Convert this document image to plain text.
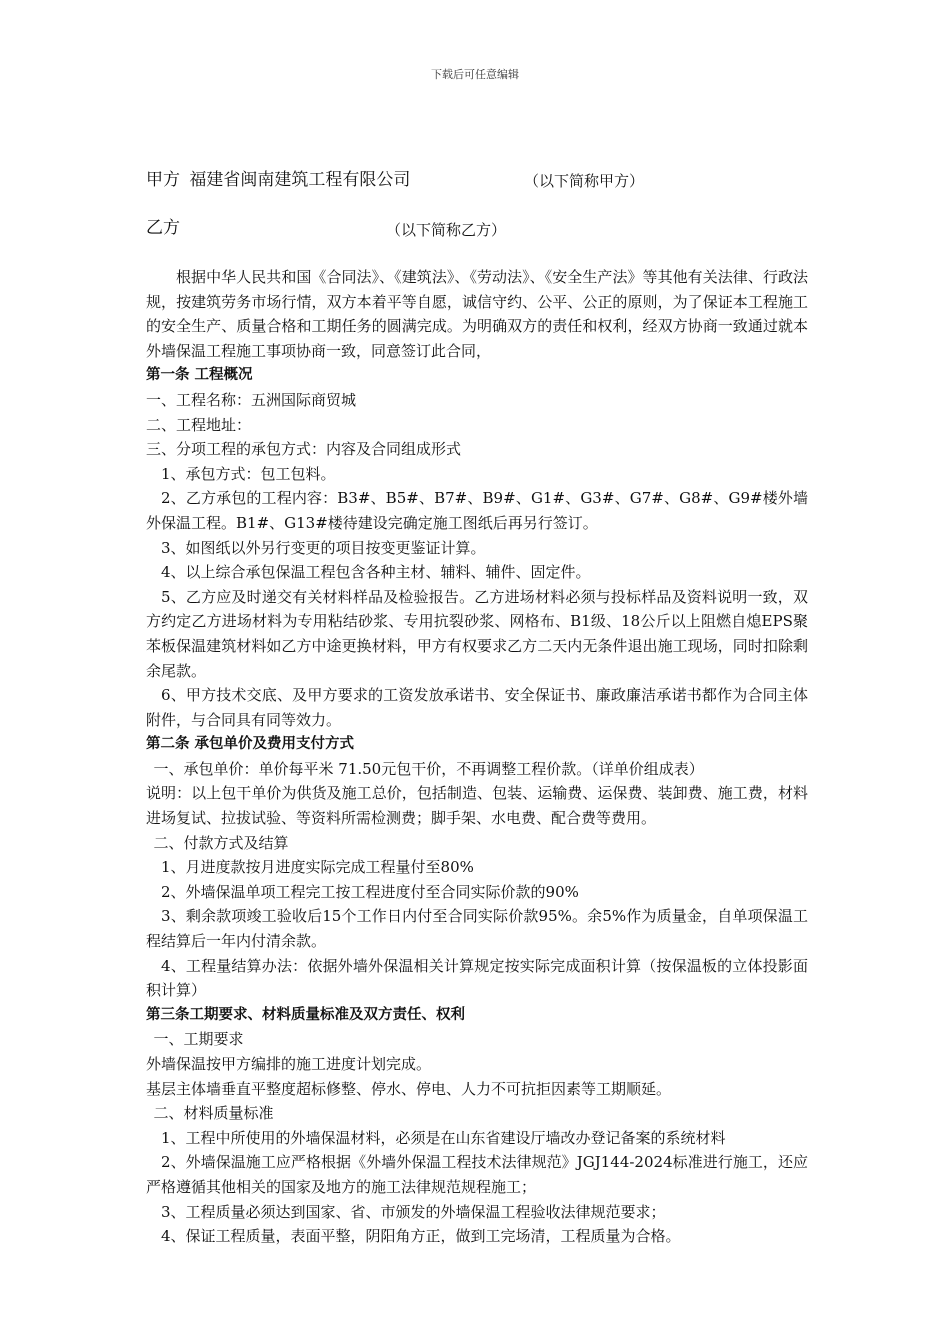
下载后可任意编辑
甲方 福建省闽南建筑工程有限公司	（以下简称甲方）
乙方	（以下简称乙方）

根据中华人民共和国《合同法》、《建筑法》、《劳动法》、《安全生产法》等其他有关法律、行政法规，按建筑劳务市场行情，双方本着平等自愿，诚信守约、公平、公正的原则，为了保证本工程施工的安全生产、质量合格和工期任务的圆满完成。为明确双方的责任和权利，经双方协商一致通过就本外墙保温工程施工事项协商一致，同意签订此合同，

第一条 工程概况

一、工程名称：五洲国际商贸城

二、工程地址：

三、分项工程的承包方式：内容及合同组成形式

1、承包方式：包工包料。

2、乙方承包的工程内容：B3#、B5#、B7#、B9#、G1#、G3#、G7#、G8#、G9#楼外墙外保温工程。B1#、G13#楼待建设完确定施工图纸后再另行签订。

3、如图纸以外另行变更的项目按变更鉴证计算。

4、以上综合承包保温工程包含各种主材、辅料、辅件、固定件。

5、乙方应及时递交有关材料样品及检验报告。乙方进场材料必须与投标样品及资料说明一致，双方约定乙方进场材料为专用粘结砂浆、专用抗裂砂浆、网格布、B1级、18公斤以上阻燃自熄EPS聚苯板保温建筑材料如乙方中途更换材料，甲方有权要求乙方二天内无条件退出施工现场，同时扣除剩余尾款。

6、甲方技术交底、及甲方要求的工资发放承诺书、安全保证书、廉政廉洁承诺书都作为合同主体附件，与合同具有同等效力。

第二条 承包单价及费用支付方式

一、承包单价：单价每平米 71.50元包干价，不再调整工程价款。（详单价组成表）

说明：以上包干单价为供货及施工总价，包括制造、包装、运输费、运保费、装卸费、施工费，材料进场复试、拉拔试验、等资料所需检测费；脚手架、水电费、配合费等费用。

二、付款方式及结算

1、月进度款按月进度实际完成工程量付至80%

2、外墙保温单项工程完工按工程进度付至合同实际价款的90%

3、剩余款项竣工验收后15个工作日内付至合同实际价款95%。余5%作为质量金，自单项保温工程结算后一年内付清余款。

4、工程量结算办法：依据外墙外保温相关计算规定按实际完成面积计算（按保温板的立体投影面积计算）

第三条工期要求、材料质量标准及双方责任、权利

一、工期要求

外墙保温按甲方编排的施工进度计划完成。

基层主体墙垂直平整度超标修整、停水、停电、人力不可抗拒因素等工期顺延。

二、材料质量标准

1、工程中所使用的外墙保温材料，必须是在山东省建设厅墙改办登记备案的系统材料

2、外墙保温施工应严格根据《外墙外保温工程技术法律规范》JGJ144-2024标准进行施工，还应严格遵循其他相关的国家及地方的施工法律规范规程施工；

3、工程质量必须达到国家、省、市颁发的外墙保温工程验收法律规范要求；

4、保证工程质量，表面平整，阴阳角方正，做到工完场清，工程质量为合格。
